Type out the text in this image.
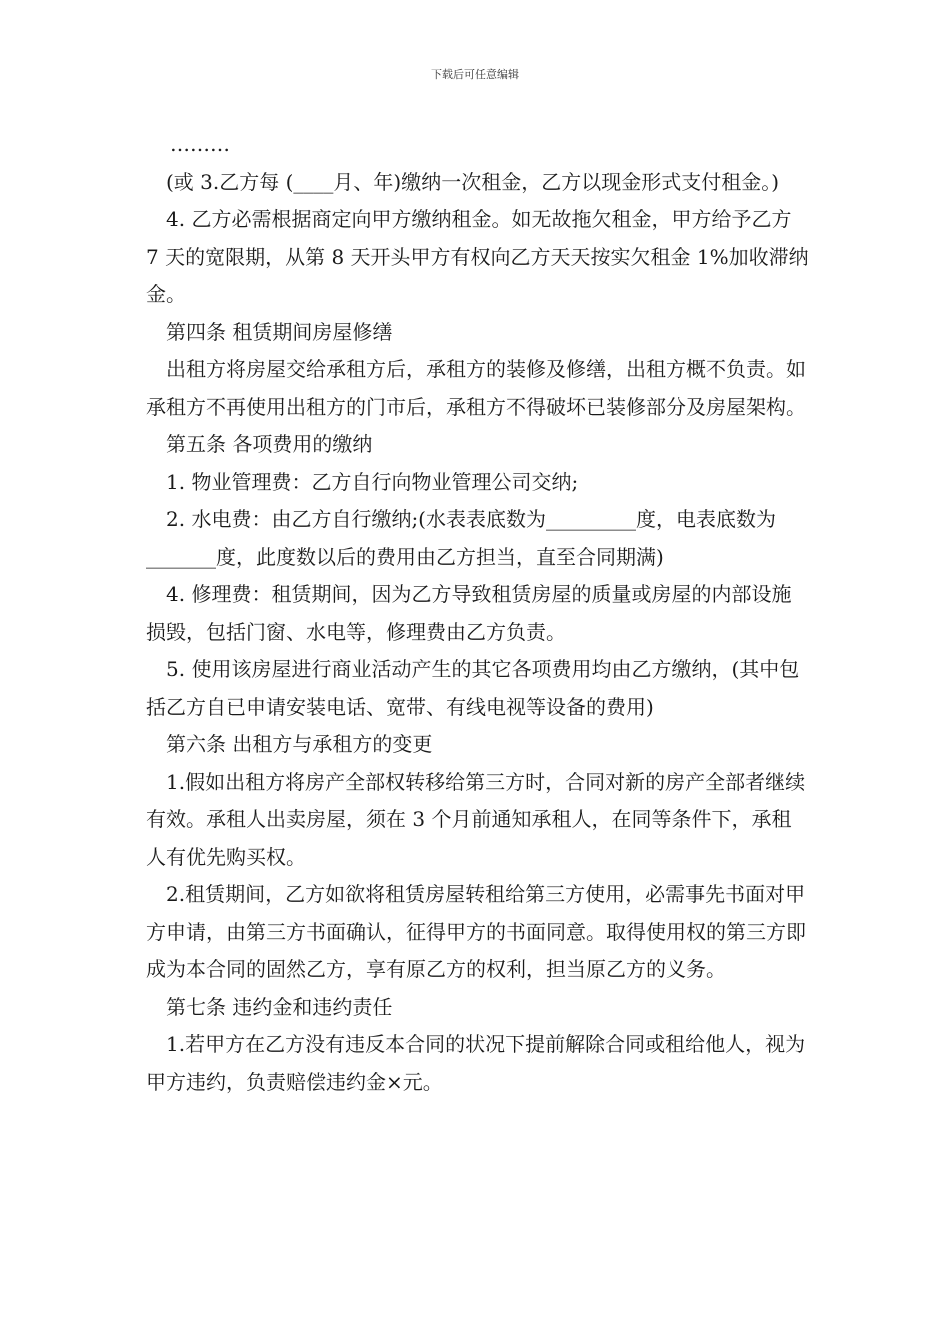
下载后可任意编辑

………

(或 3.乙方每 (____月、年)缴纳一次租金，乙方以现金形式支付租金。)

4. 乙方必需根据商定向甲方缴纳租金。如无故拖欠租金，甲方给予乙方 7 天的宽限期，从第 8 天开头甲方有权向乙方天天按实欠租金 1%加收滞纳金。

第四条 租赁期间房屋修缮

出租方将房屋交给承租方后，承租方的装修及修缮，出租方概不负责。如承租方不再使用出租方的门市后，承租方不得破坏已装修部分及房屋架构。

第五条 各项费用的缴纳

1. 物业管理费：乙方自行向物业管理公司交纳;

2. 水电费：由乙方自行缴纳;(水表表底数为_________度，电表底数为_______度，此度数以后的费用由乙方担当，直至合同期满)

4. 修理费：租赁期间，因为乙方导致租赁房屋的质量或房屋的内部设施损毁，包括门窗、水电等，修理费由乙方负责。

5. 使用该房屋进行商业活动产生的其它各项费用均由乙方缴纳，(其中包括乙方自已申请安装电话、宽带、有线电视等设备的费用)

第六条 出租方与承租方的变更

1.假如出租方将房产全部权转移给第三方时，合同对新的房产全部者继续有效。承租人出卖房屋，须在 3 个月前通知承租人，在同等条件下，承租人有优先购买权。

2.租赁期间，乙方如欲将租赁房屋转租给第三方使用，必需事先书面对甲方申请，由第三方书面确认，征得甲方的书面同意。取得使用权的第三方即成为本合同的固然乙方，享有原乙方的权利，担当原乙方的义务。

第七条 违约金和违约责任

1.若甲方在乙方没有违反本合同的状况下提前解除合同或租给他人，视为甲方违约，负责赔偿违约金×元。
